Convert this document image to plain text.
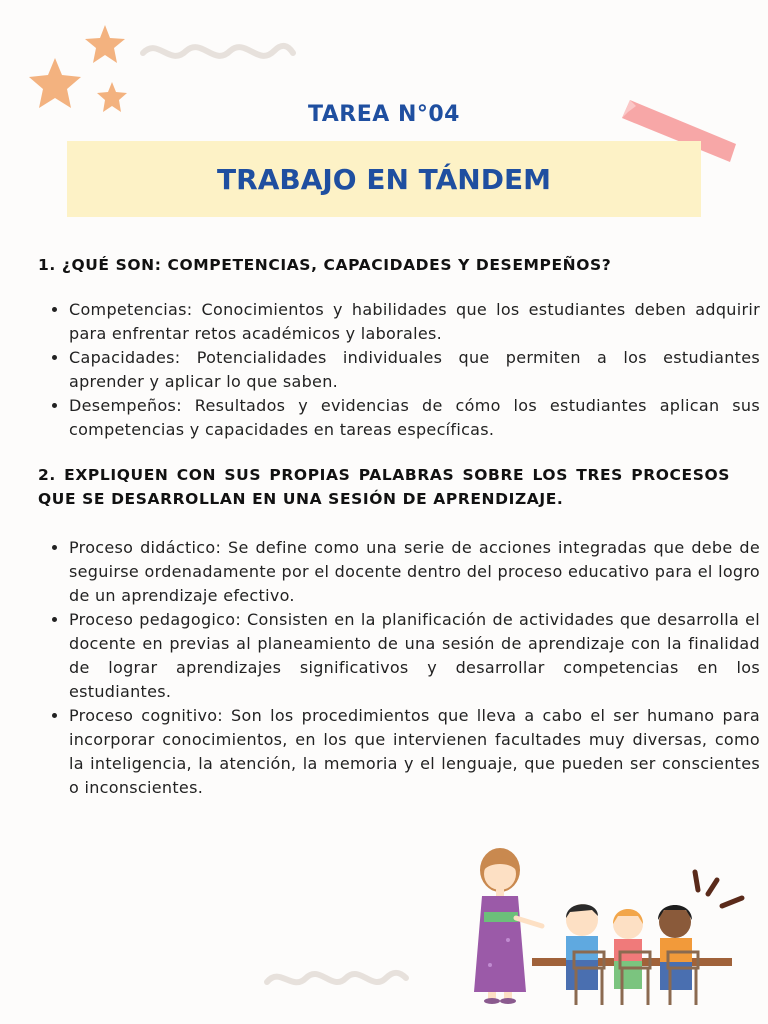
TAREA N°04
TRABAJO EN TÁNDEM
1. ¿QUÉ SON: COMPETENCIAS, CAPACIDADES Y DESEMPEÑOS?
• Competencias: Conocimientos y habilidades que los estudiantes deben adquirir para enfrentar retos académicos y laborales.
• Capacidades: Potencialidades individuales que permiten a los estudiantes aprender y aplicar lo que saben.
• Desempeños: Resultados y evidencias de cómo los estudiantes aplican sus competencias y capacidades en tareas específicas.
2. EXPLIQUEN CON SUS PROPIAS PALABRAS SOBRE LOS TRES PROCESOS QUE SE DESARROLLAN EN UNA SESIÓN DE APRENDIZAJE.
• Proceso didáctico: Se define como una serie de acciones integradas que debe de seguirse ordenadamente por el docente dentro del proceso educativo para el logro de un aprendizaje efectivo.
• Proceso pedagogico: Consisten en la planificación de actividades que desarrolla el docente en previas al planeamiento de una sesión de aprendizaje con la finalidad de lograr aprendizajes significativos y desarrollar competencias en los estudiantes.
• Proceso cognitivo: Son los procedimientos que lleva a cabo el ser humano para incorporar conocimientos, en los que intervienen facultades muy diversas, como la inteligencia, la atención, la memoria y el lenguaje, que pueden ser conscientes o inconscientes.
